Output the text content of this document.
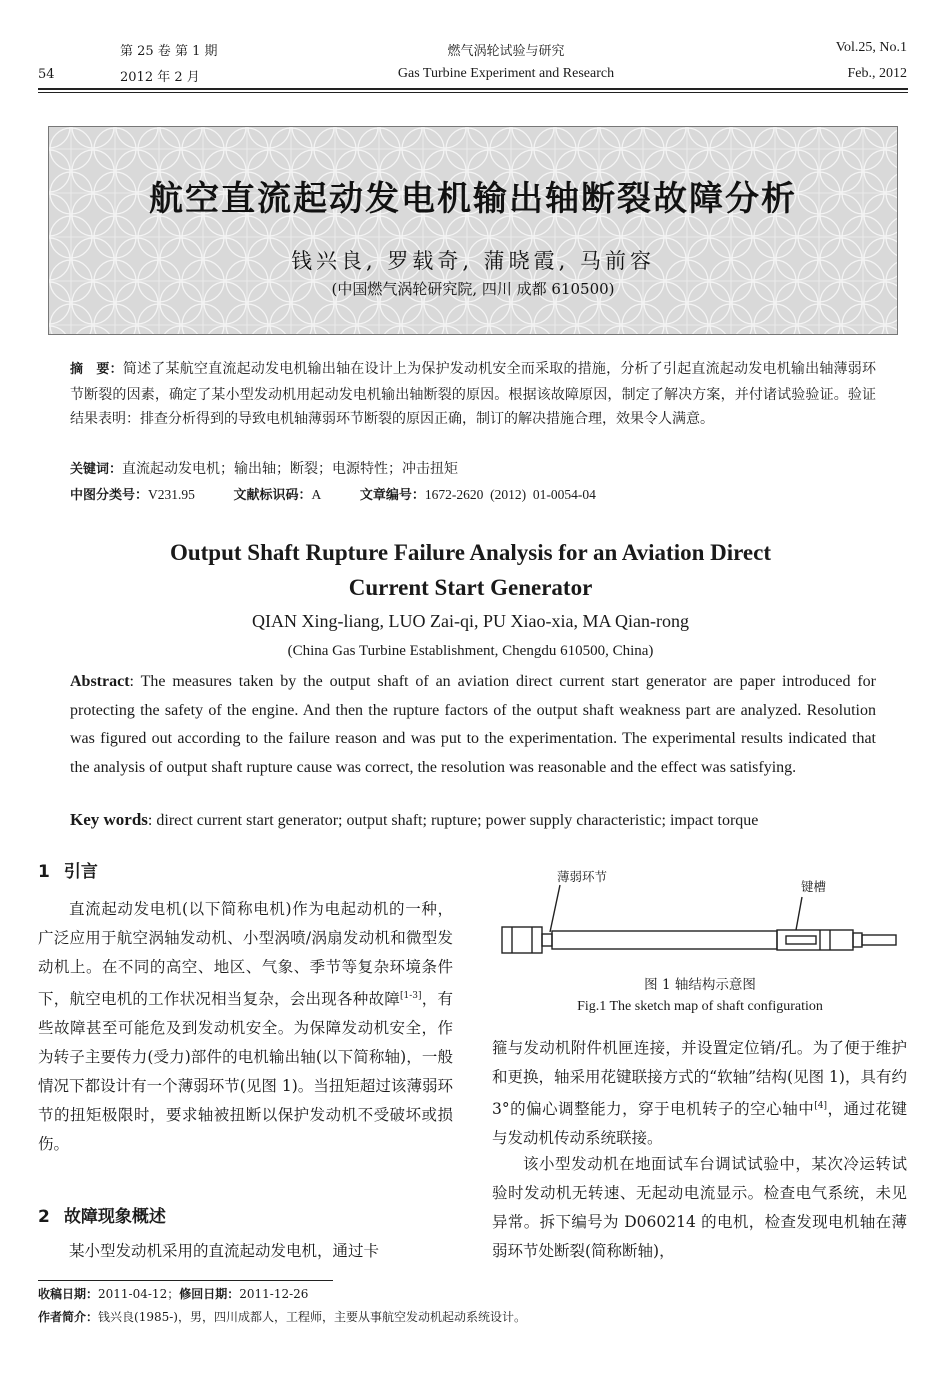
第 25 卷 第 1 期
54	2012 年 2 月
燃气涡轮试验与研究
Gas Turbine Experiment and Research
Vol.25, No.1
Feb., 2012
航空直流起动发电机输出轴断裂故障分析
钱兴良, 罗载奇, 蒲晓霞, 马前容
(中国燃气涡轮研究院, 四川 成都 610500)
摘　要：简述了某航空直流起动发电机输出轴在设计上为保护发动机安全而采取的措施，分析了引起直流起动发电机输出轴薄弱环节断裂的因素，确定了某小型发动机用起动发电机输出轴断裂的原因。根据该故障原因，制定了解决方案，并付诸试验验证。验证结果表明：排查分析得到的导致电机轴薄弱环节断裂的原因正确，制订的解决措施合理，效果令人满意。
关键词：直流起动发电机；输出轴；断裂；电源特性；冲击扭矩
中图分类号：V231.95	文献标识码：A	文章编号：1672-2620  (2012)  01-0054-04
Output Shaft Rupture Failure Analysis for an Aviation Direct
Current Start Generator
QIAN Xing-liang, LUO Zai-qi, PU Xiao-xia, MA Qian-rong
(China Gas Turbine Establishment, Chengdu 610500, China)
Abstract: The measures taken by the output shaft of an aviation direct current start generator are paper introduced for protecting the safety of the engine. And then the rupture factors of the output shaft weakness part are analyzed. Resolution was figured out according to the failure reason and was put to the experimentation. The experimental results indicated that the analysis of output shaft rupture cause was correct, the resolution was reasonable and the effect was satisfying.
Key words: direct current start generator; output shaft; rupture; power supply characteristic; impact torque
1 引言
直流起动发电机(以下简称电机)作为电起动机的一种，广泛应用于航空涡轴发动机、小型涡喷/涡扇发动机和微型发动机上。在不同的高空、地区、气象、季节等复杂环境条件下，航空电机的工作状况相当复杂，会出现各种故障[1-3]，有些故障甚至可能危及到发动机安全。为保障发动机安全，作为转子主要传力(受力)部件的电机输出轴(以下简称轴)，一般情况下都设计有一个薄弱环节(见图 1)。当扭矩超过该薄弱环节的扭矩极限时，要求轴被扭断以保护发动机不受破坏或损伤。
2 故障现象概述
某小型发动机采用的直流起动发电机，通过卡
薄弱环节
键槽
图 1 轴结构示意图
Fig.1 The sketch map of shaft configuration
箍与发动机附件机匣连接，并设置定位销/孔。为了便于维护和更换，轴采用花键联接方式的“软轴”结构(见图 1)，具有约 3°的偏心调整能力，穿于电机转子的空心轴中[4]，通过花键与发动机传动系统联接。
该小型发动机在地面试车台调试试验中，某次冷运转试验时发动机无转速、无起动电流显示。检查电气系统，未见异常。拆下编号为 D060214 的电机，检查发现电机轴在薄弱环节处断裂(简称断轴)，
收稿日期：2011-04-12；修回日期：2011-12-26
作者简介：钱兴良(1985-)，男，四川成都人，工程师，主要从事航空发动机起动系统设计。
